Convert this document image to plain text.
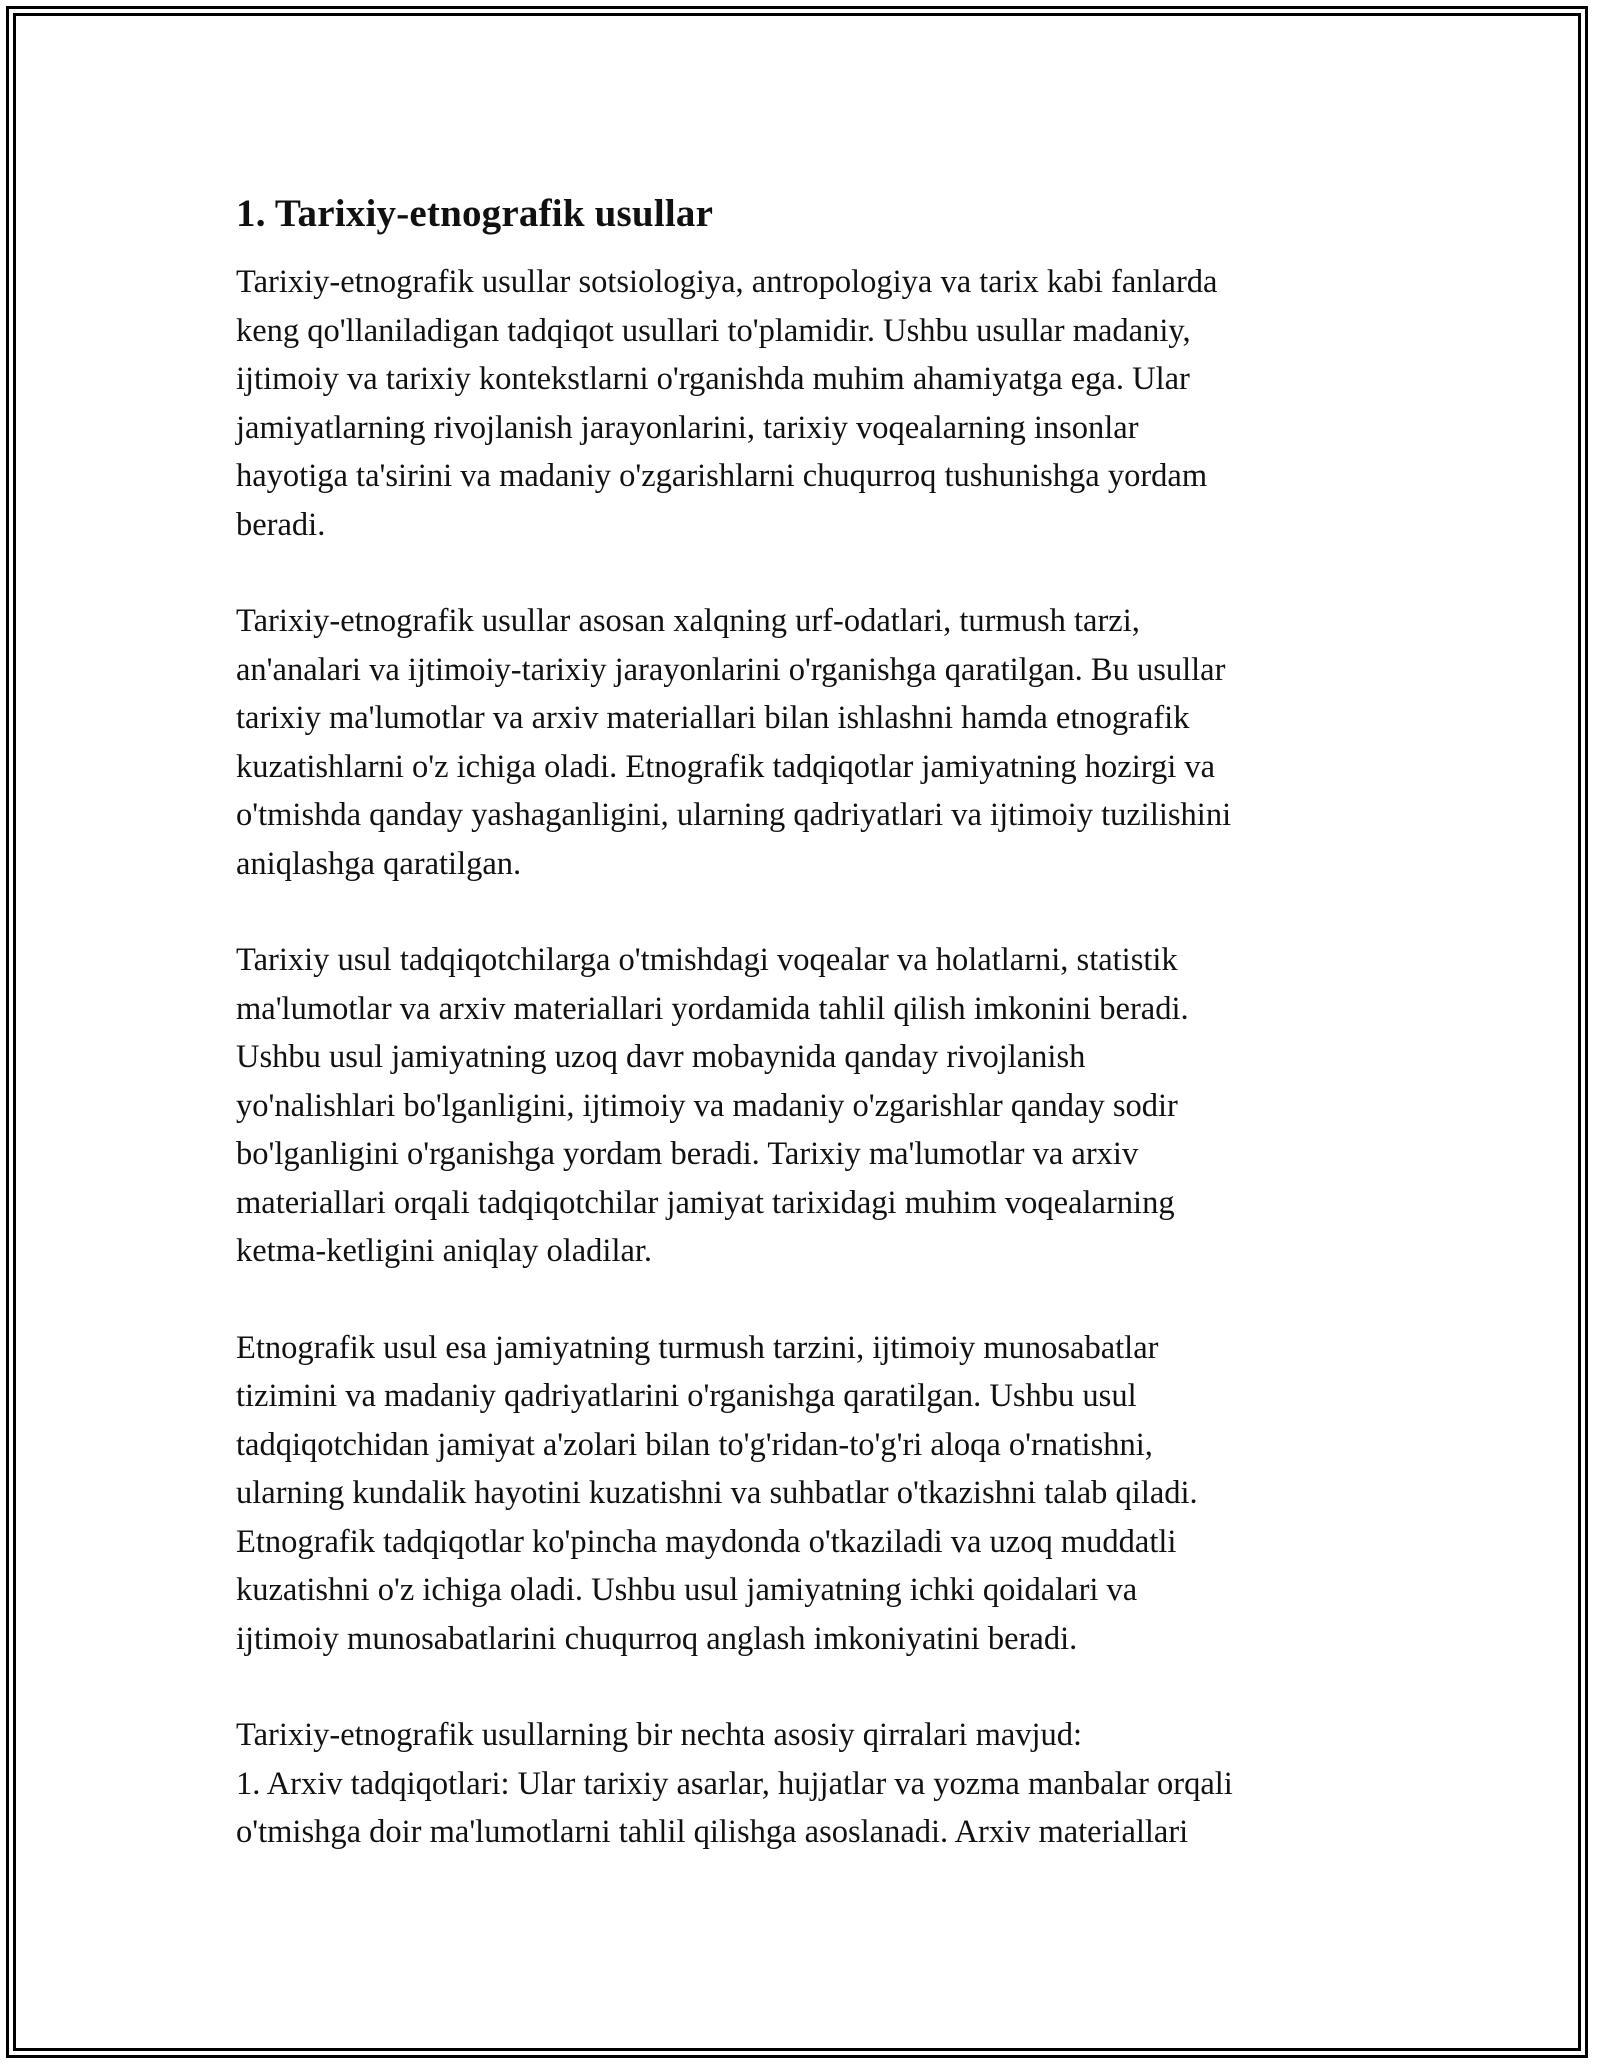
1. Tarixiy-etnografik usullar

Tarixiy-etnografik usullar sotsiologiya, antropologiya va tarix kabi fanlarda
keng qo'llaniladigan tadqiqot usullari to'plamidir. Ushbu usullar madaniy,
ijtimoiy va tarixiy kontekstlarni o'rganishda muhim ahamiyatga ega. Ular
jamiyatlarning rivojlanish jarayonlarini, tarixiy voqealarning insonlar
hayotiga ta'sirini va madaniy o'zgarishlarni chuqurroq tushunishga yordam
beradi.

Tarixiy-etnografik usullar asosan xalqning urf-odatlari, turmush tarzi,
an'analari va ijtimoiy-tarixiy jarayonlarini o'rganishga qaratilgan. Bu usullar
tarixiy ma'lumotlar va arxiv materiallari bilan ishlashni hamda etnografik
kuzatishlarni o'z ichiga oladi. Etnografik tadqiqotlar jamiyatning hozirgi va
o'tmishda qanday yashaganligini, ularning qadriyatlari va ijtimoiy tuzilishini
aniqlashga qaratilgan.

Tarixiy usul tadqiqotchilarga o'tmishdagi voqealar va holatlarni, statistik
ma'lumotlar va arxiv materiallari yordamida tahlil qilish imkonini beradi.
Ushbu usul jamiyatning uzoq davr mobaynida qanday rivojlanish
yo'nalishlari bo'lganligini, ijtimoiy va madaniy o'zgarishlar qanday sodir
bo'lganligini o'rganishga yordam beradi. Tarixiy ma'lumotlar va arxiv
materiallari orqali tadqiqotchilar jamiyat tarixidagi muhim voqealarning
ketma-ketligini aniqlay oladilar.

Etnografik usul esa jamiyatning turmush tarzini, ijtimoiy munosabatlar
tizimini va madaniy qadriyatlarini o'rganishga qaratilgan. Ushbu usul
tadqiqotchidan jamiyat a'zolari bilan to'g'ridan-to'g'ri aloqa o'rnatishni,
ularning kundalik hayotini kuzatishni va suhbatlar o'tkazishni talab qiladi.
Etnografik tadqiqotlar ko'pincha maydonda o'tkaziladi va uzoq muddatli
kuzatishni o'z ichiga oladi. Ushbu usul jamiyatning ichki qoidalari va
ijtimoiy munosabatlarini chuqurroq anglash imkoniyatini beradi.

Tarixiy-etnografik usullarning bir nechta asosiy qirralari mavjud:
1. Arxiv tadqiqotlari: Ular tarixiy asarlar, hujjatlar va yozma manbalar orqali
o'tmishga doir ma'lumotlarni tahlil qilishga asoslanadi. Arxiv materiallari
